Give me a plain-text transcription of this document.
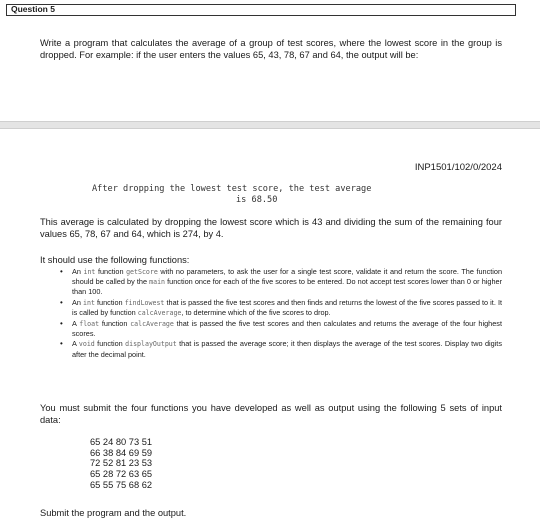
Question 5
Write a program that calculates the average of a group of test scores, where the lowest score in the group is dropped. For example: if the user enters the values 65, 43, 78, 67 and 64, the output will be:
INP1501/102/0/2024
After dropping the lowest test score, the test average
is 68.50
This average is calculated by dropping the lowest score which is 43 and dividing the sum of the remaining four values 65, 78, 67 and 64, which is 274, by 4.
It should use the following functions:
• An int function getScore with no parameters, to ask the user for a single test score, validate it and return the score. The function should be called by the main function once for each of the five scores to be entered. Do not accept test scores lower than 0 or higher than 100.
• An int function findLowest that is passed the five test scores and then finds and returns the lowest of the five scores passed to it. It is called by function calcAverage, to determine which of the five scores to drop.
• A float function calcAverage that is passed the five test scores and then calculates and returns the average of the four highest scores.
• A void function displayOutput that is passed the average score; it then displays the average of the test scores. Display two digits after the decimal point.
You must submit the four functions you have developed as well as output using the following 5 sets of input data:
65 24 80 73 51
66 38 84 69 59
72 52 81 23 53
65 28 72 63 65
65 55 75 68 62
Submit the program and the output.
